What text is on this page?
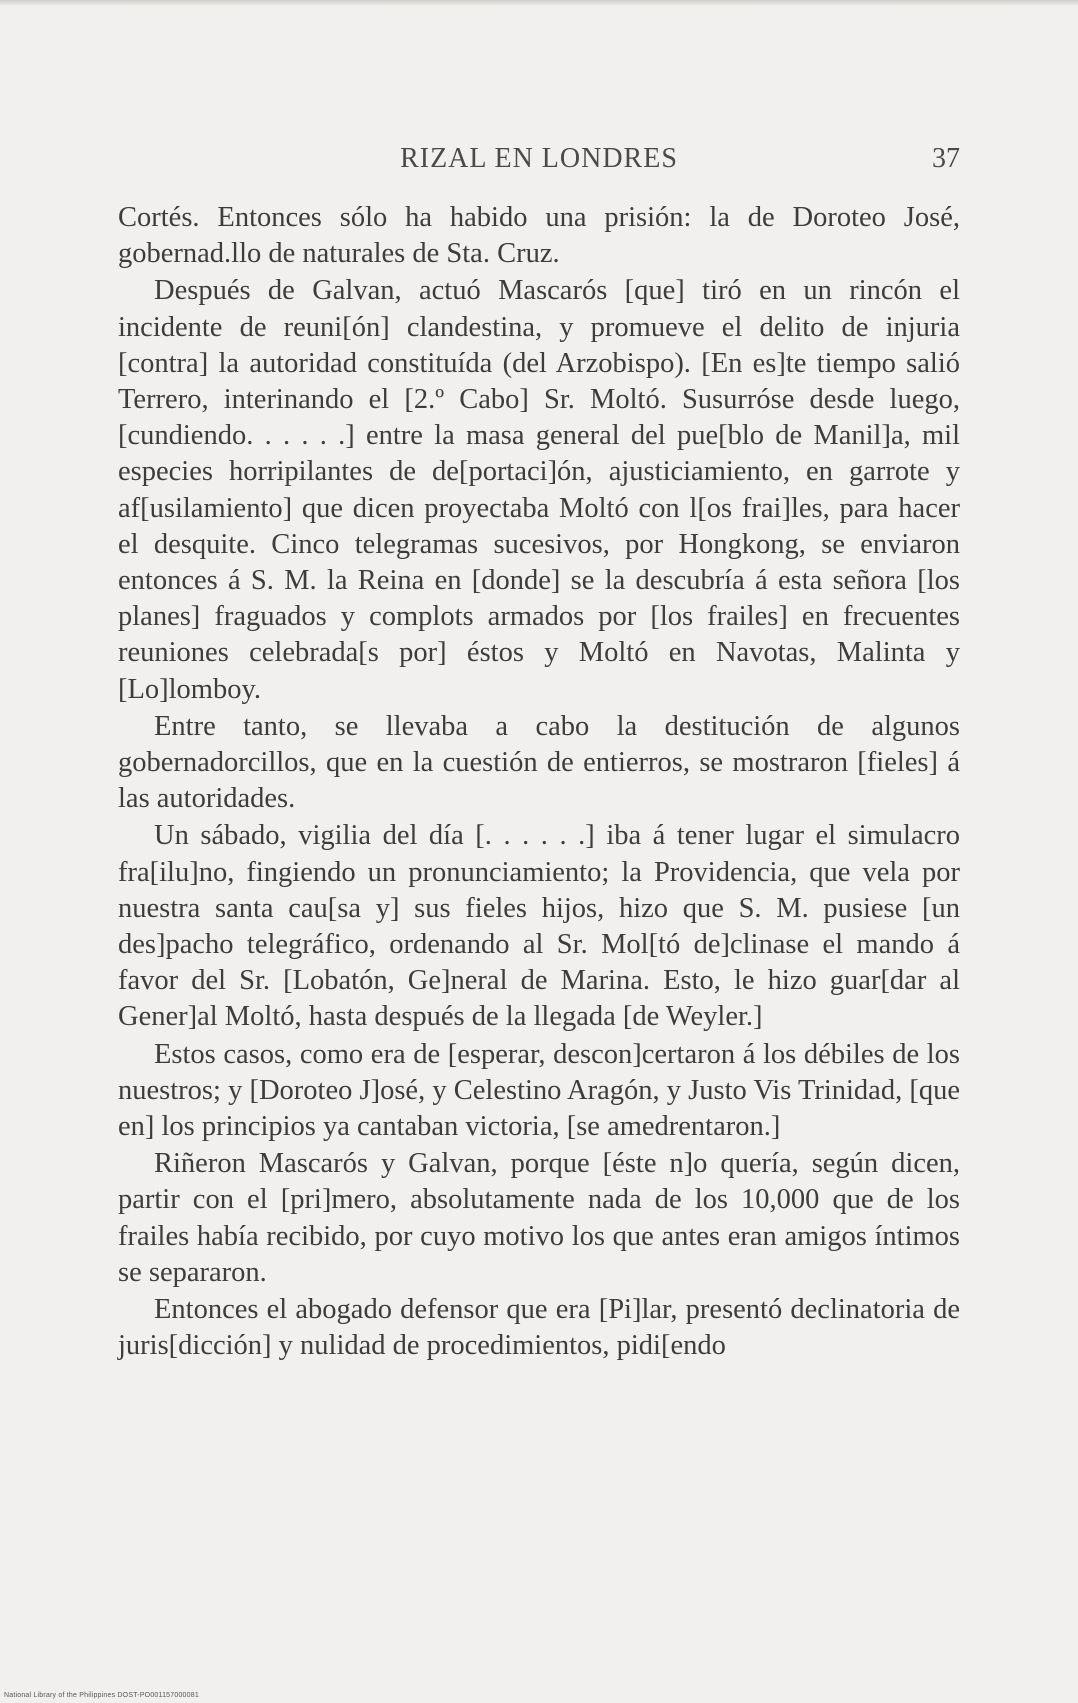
RIZAL EN LONDRES	37

Cortés. Entonces sólo ha habido una prisión: la de Doroteo José, gobernad.llo de naturales de Sta. Cruz.

Después de Galvan, actuó Mascarós [que] tiró en un rincón el incidente de reuni[ón] clandestina, y promueve el delito de injuria [contra] la autoridad constituída (del Arzobispo). [En es]te tiempo salió Terrero, interinando el [2.º Cabo] Sr. Moltó. Susurróse desde luego, [cundiendo. . . . . .] entre la masa general del pue[blo de Manil]a, mil especies horripilantes de de[portaci]ón, ajusticiamiento, en garrote y af[usilamiento] que dicen proyectaba Moltó con l[os frai]les, para hacer el desquite. Cinco telegramas sucesivos, por Hongkong, se enviaron entonces á S. M. la Reina en [donde] se la descubría á esta señora [los planes] fraguados y complots armados por [los frailes] en frecuentes reuniones celebrada[s por] éstos y Moltó en Navotas, Malinta y [Lo]lomboy.

Entre tanto, se llevaba a cabo la destitución de algunos gobernadorcillos, que en la cuestión de entierros, se mostraron [fieles] á las autoridades.

Un sábado, vigilia del día [. . . . . .] iba á tener lugar el simulacro fra[ilu]no, fingiendo un pronunciamiento; la Providencia, que vela por nuestra santa cau[sa y] sus fieles hijos, hizo que S. M. pusiese [un des]pacho telegráfico, ordenando al Sr. Mol[tó de]clinase el mando á favor del Sr. [Lobatón, Ge]neral de Marina. Esto, le hizo guar[dar al Gener]al Moltó, hasta después de la llegada [de Weyler.]

Estos casos, como era de [esperar, descon]certaron á los débiles de los nuestros; y [Doroteo J]osé, y Celestino Aragón, y Justo Vis Trinidad, [que en] los principios ya cantaban victoria, [se amedrentaron.]

Riñeron Mascarós y Galvan, porque [éste n]o quería, según dicen, partir con el [pri]mero, absolutamente nada de los 10,000 que de los frailes había recibido, por cuyo motivo los que antes eran amigos íntimos se separaron.

Entonces el abogado defensor que era [Pi]lar, presentó declinatoria de juris[dicción] y nulidad de procedimientos, pidi[endo

National Library of the Philippines DOST-PO001157000081
